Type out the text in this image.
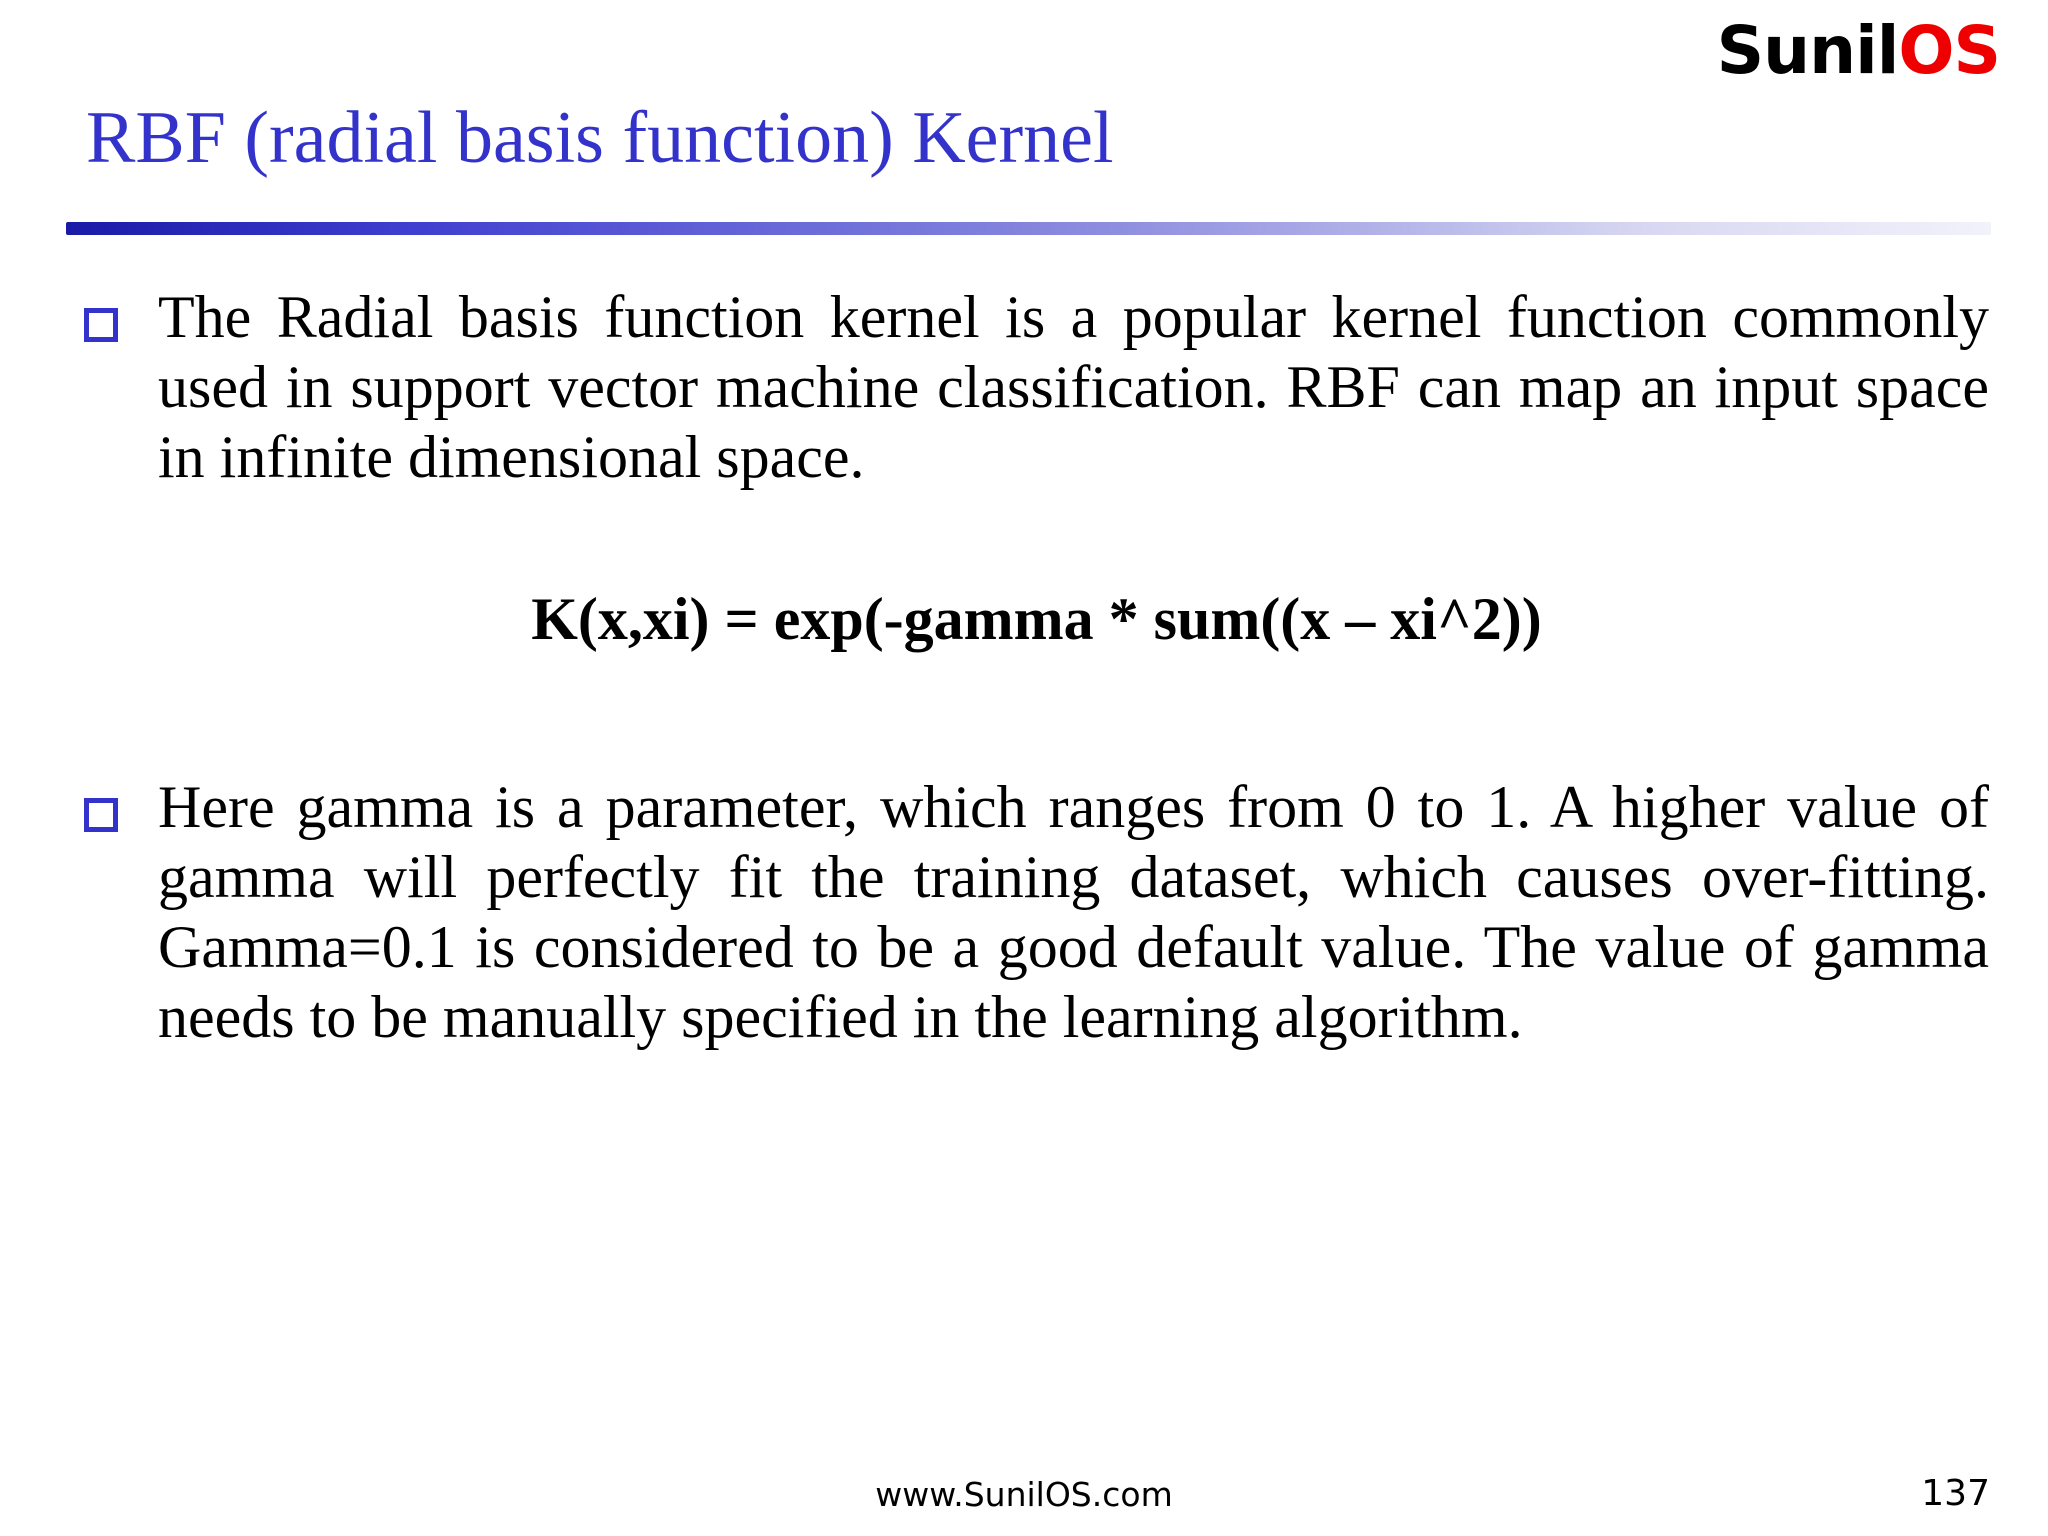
SunilOS
RBF (radial basis function) Kernel
The Radial basis function kernel is a popular kernel function commonly used in support vector machine classification. RBF can map an input space in infinite dimensional space.
K(x,xi) = exp(-gamma * sum((x – xi^2))
Here gamma is a parameter, which ranges from 0 to 1. A higher value of gamma will perfectly fit the training dataset, which causes over-fitting. Gamma=0.1 is considered to be a good default value. The value of gamma needs to be manually specified in the learning algorithm.
www.SunilOS.com	137
